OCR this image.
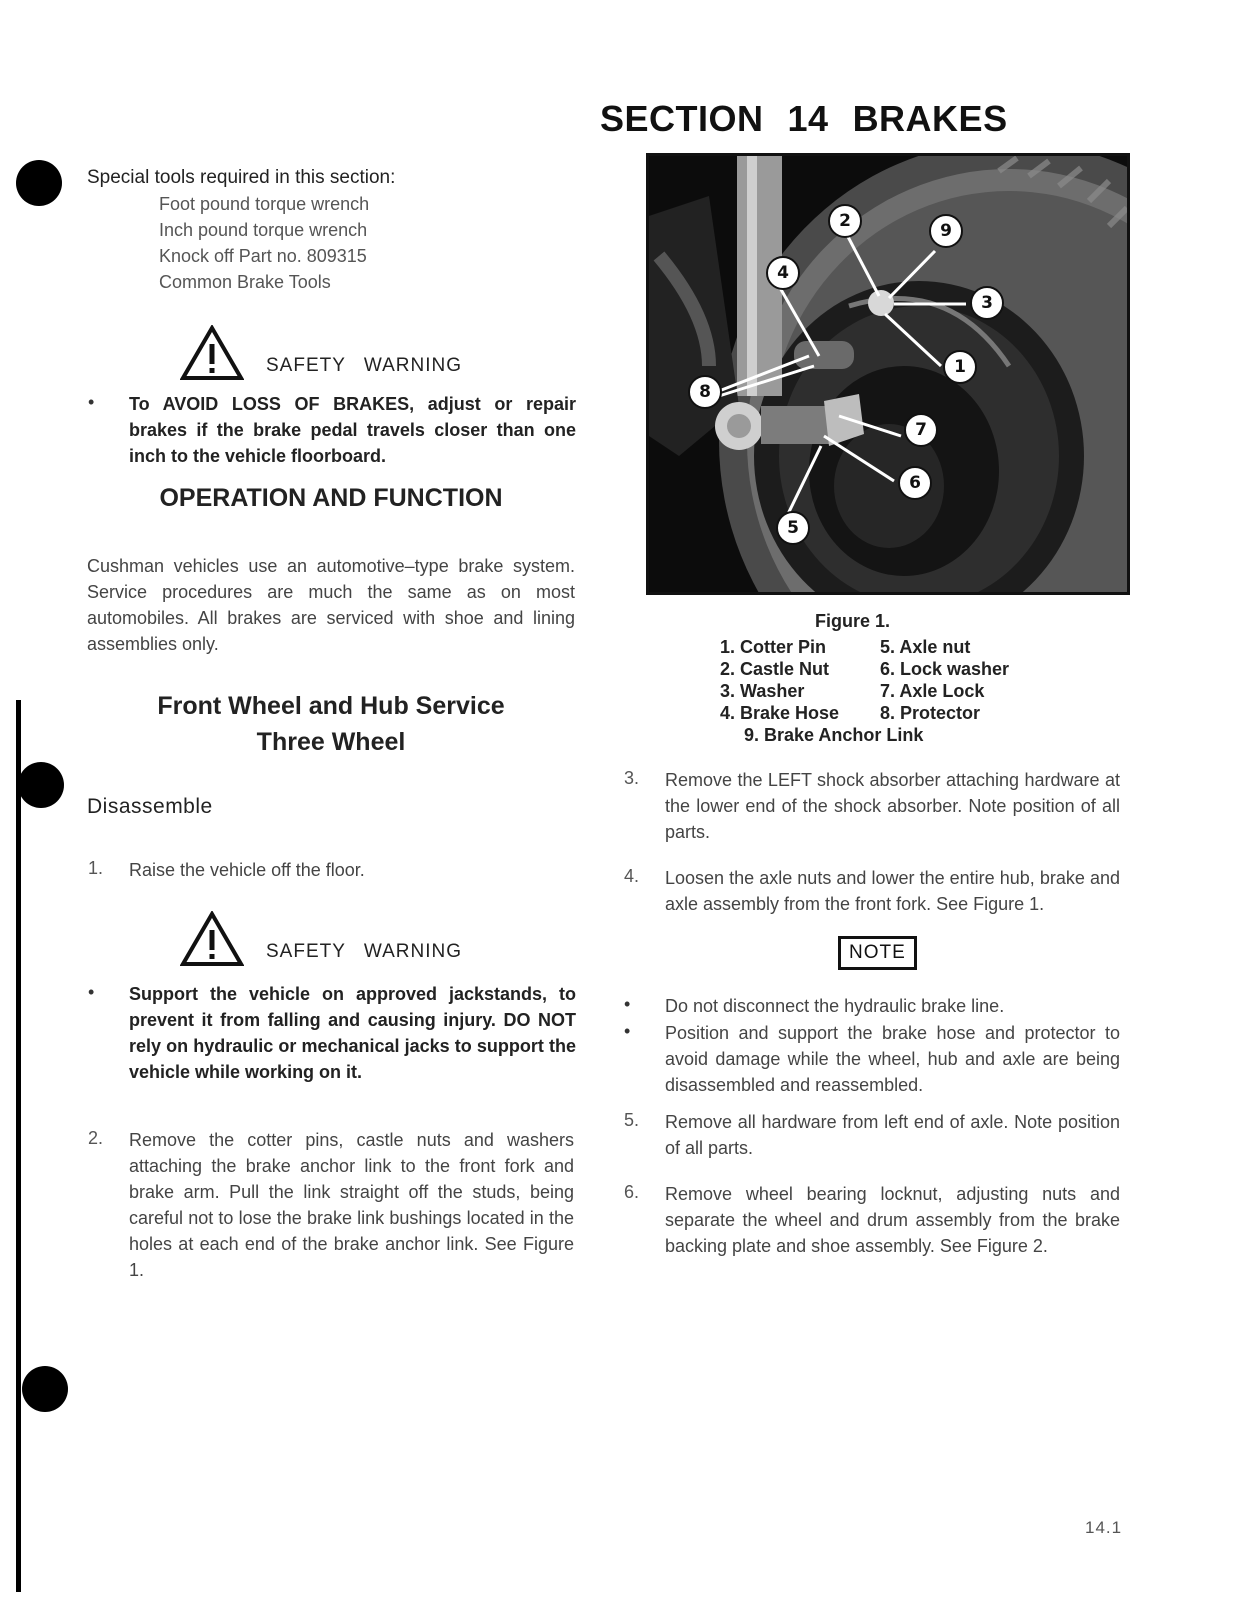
SECTION 14 BRAKES
Special tools required in this section:
Foot pound torque wrench
Inch pound torque wrench
Knock off Part no. 809315
Common Brake Tools
SAFETY WARNING
• To AVOID LOSS OF BRAKES, adjust or repair brakes if the brake pedal travels closer than one inch to the vehicle floorboard.
OPERATION AND FUNCTION
Cushman vehicles use an automotive–type brake system. Service procedures are much the same as on most automobiles. All brakes are serviced with shoe and lining assemblies only.
Front Wheel and Hub Service
Three Wheel
Disassemble
1.	Raise the vehicle off the floor.
SAFETY WARNING
• Support the vehicle on approved jackstands, to prevent it from falling and causing injury. DO NOT rely on hydraulic or mechanical jacks to support the vehicle while working on it.
2.	Remove the cotter pins, castle nuts and washers attaching the brake anchor link to the front fork and brake arm. Pull the link straight off the studs, being careful not to lose the brake link bushings located in the holes at each end of the brake anchor link. See Figure 1.
2	9
4
3
1
8
7
6
5
Figure 1.
1. Cotter Pin	5. Axle nut
2. Castle Nut	6. Lock washer
3. Washer	7. Axle Lock
4. Brake Hose	8. Protector
9. Brake Anchor Link
3.	Remove the LEFT shock absorber attaching hardware at the lower end of the shock absorber. Note position of all parts.
4.	Loosen the axle nuts and lower the entire hub, brake and axle assembly from the front fork. See Figure 1.
NOTE
• Do not disconnect the hydraulic brake line.
• Position and support the brake hose and protector to avoid damage while the wheel, hub and axle are being disassembled and reassembled.
5.	Remove all hardware from left end of axle. Note position of all parts.
6.	Remove wheel bearing locknut, adjusting nuts and separate the wheel and drum assembly from the brake backing plate and shoe assembly. See Figure 2.
14.1
